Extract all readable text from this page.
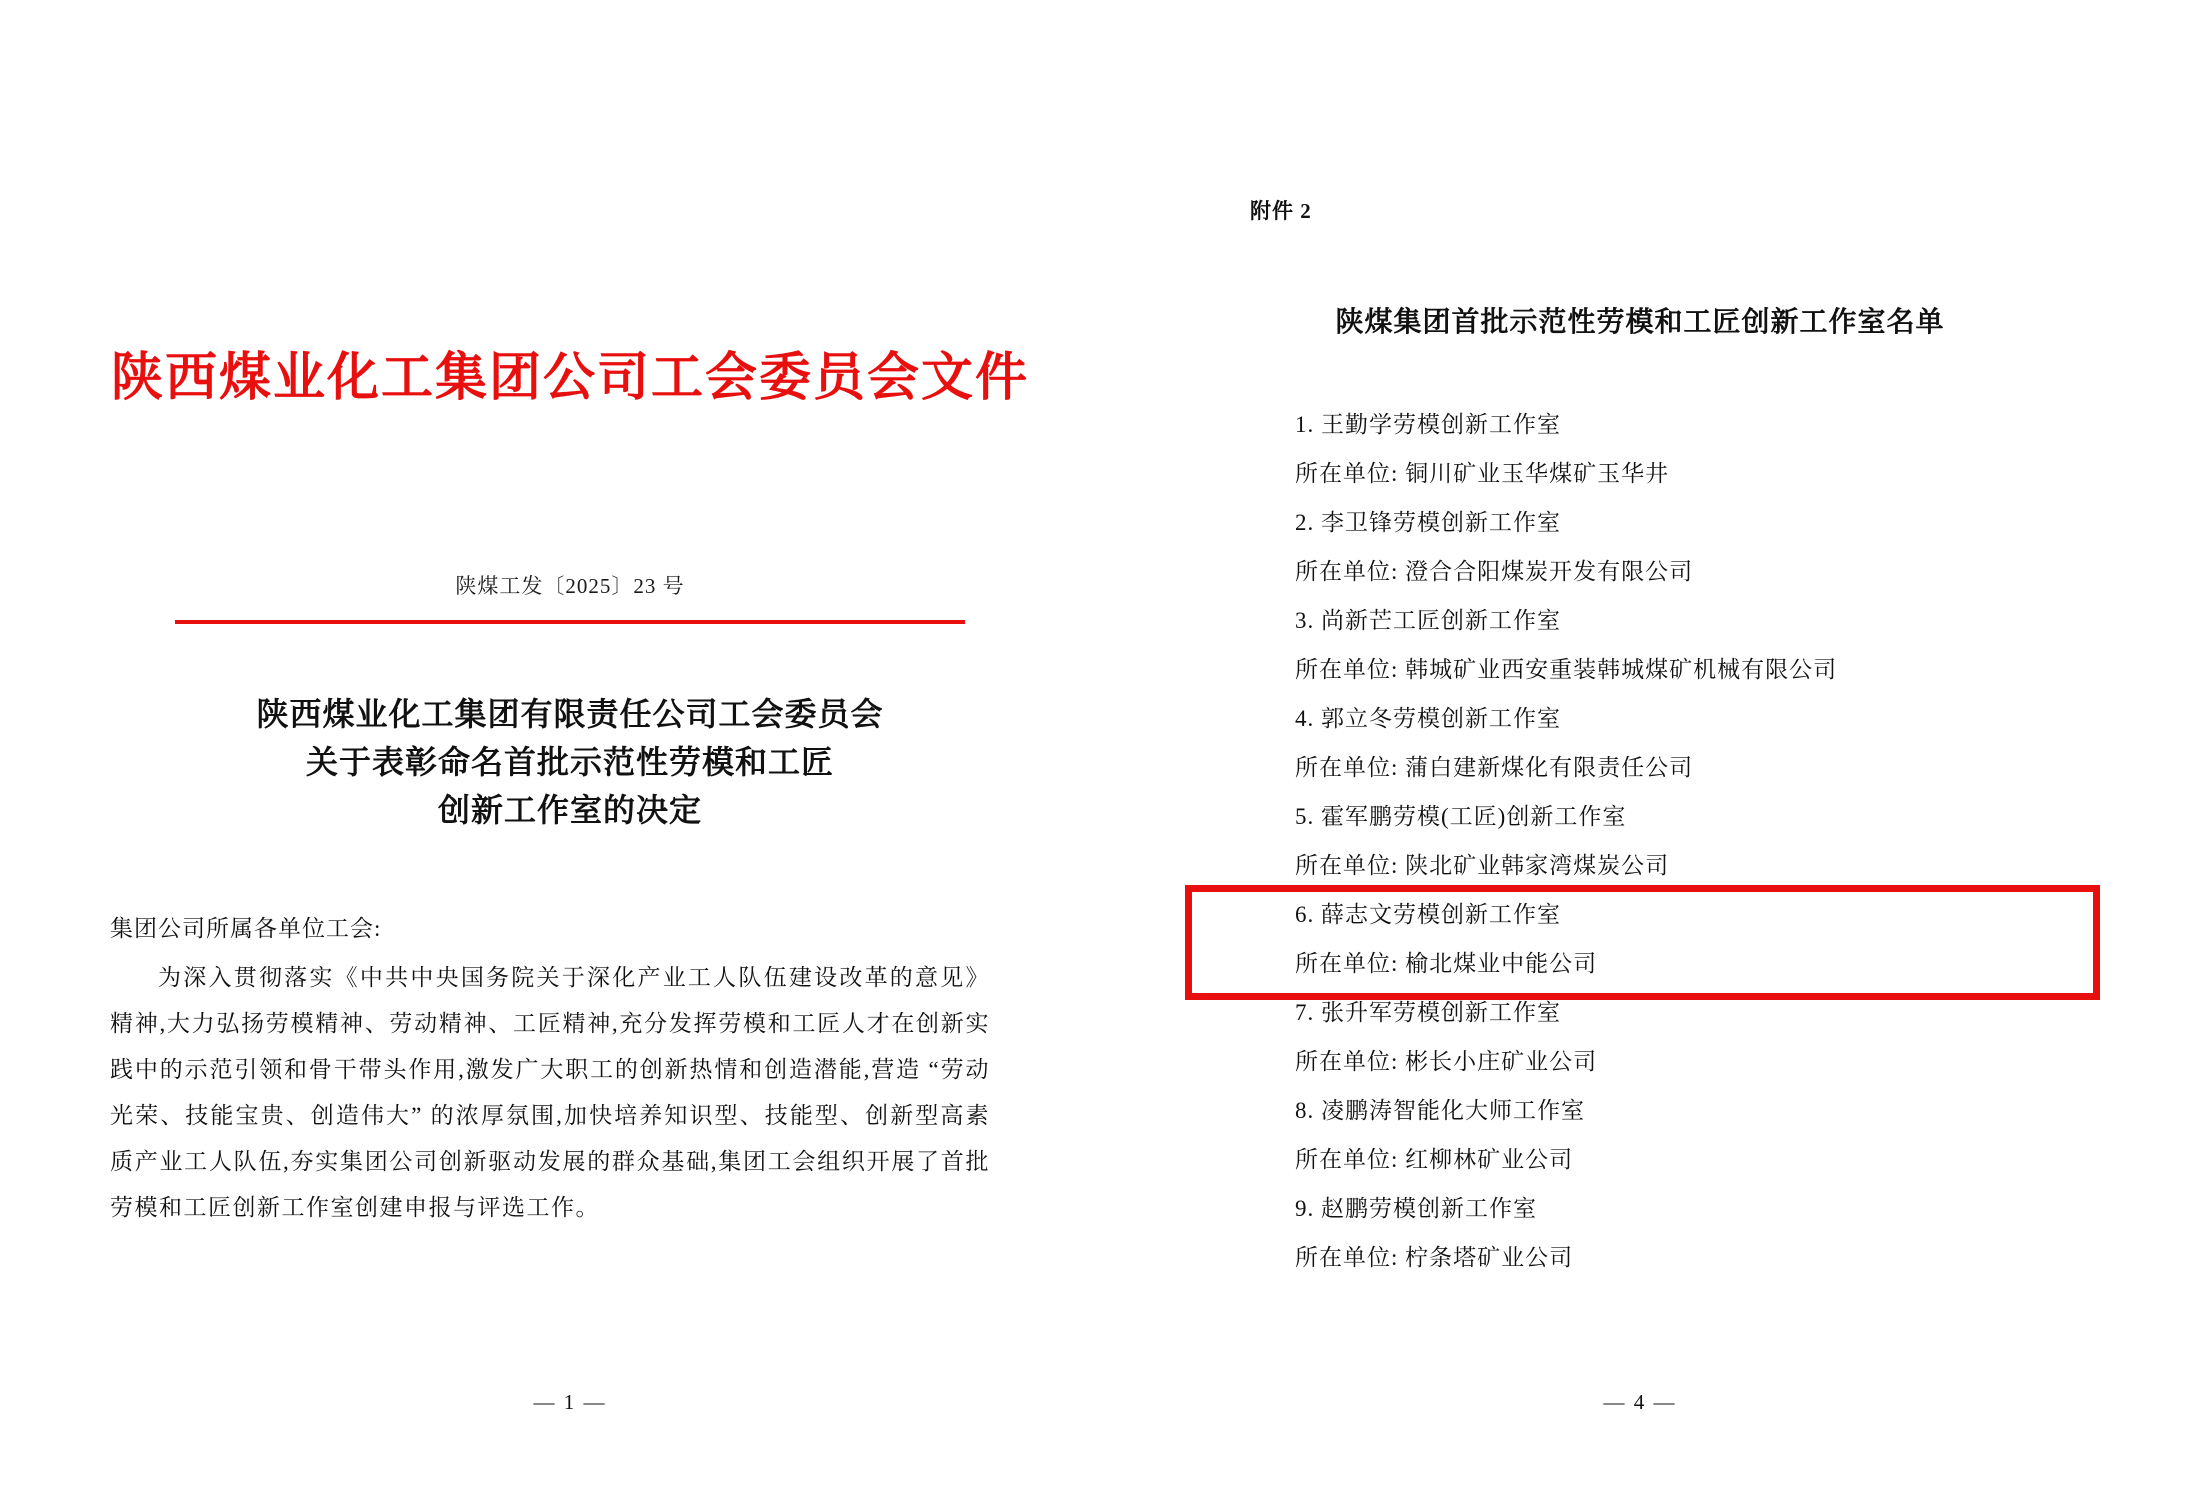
陕西煤业化工集团公司工会委员会文件
陕煤工发〔2025〕23 号
陕西煤业化工集团有限责任公司工会委员会
关于表彰命名首批示范性劳模和工匠
创新工作室的决定
集团公司所属各单位工会:
为深入贯彻落实《中共中央国务院关于深化产业工人队伍建设改革的意见》精神,大力弘扬劳模精神、劳动精神、工匠精神,充分发挥劳模和工匠人才在创新实践中的示范引领和骨干带头作用,激发广大职工的创新热情和创造潜能,营造 “劳动光荣、技能宝贵、创造伟大” 的浓厚氛围,加快培养知识型、技能型、创新型高素质产业工人队伍,夯实集团公司创新驱动发展的群众基础,集团工会组织开展了首批劳模和工匠创新工作室创建申报与评选工作。
— 1 —
附件 2
陕煤集团首批示范性劳模和工匠创新工作室名单
1. 王勤学劳模创新工作室
所在单位: 铜川矿业玉华煤矿玉华井
2. 李卫锋劳模创新工作室
所在单位: 澄合合阳煤炭开发有限公司
3. 尚新芒工匠创新工作室
所在单位: 韩城矿业西安重装韩城煤矿机械有限公司
4. 郭立冬劳模创新工作室
所在单位: 蒲白建新煤化有限责任公司
5. 霍军鹏劳模(工匠)创新工作室
所在单位: 陕北矿业韩家湾煤炭公司
6. 薛志文劳模创新工作室
所在单位: 榆北煤业中能公司
7. 张升军劳模创新工作室
所在单位: 彬长小庄矿业公司
8. 凌鹏涛智能化大师工作室
所在单位: 红柳林矿业公司
9. 赵鹏劳模创新工作室
所在单位: 柠条塔矿业公司
— 4 —
